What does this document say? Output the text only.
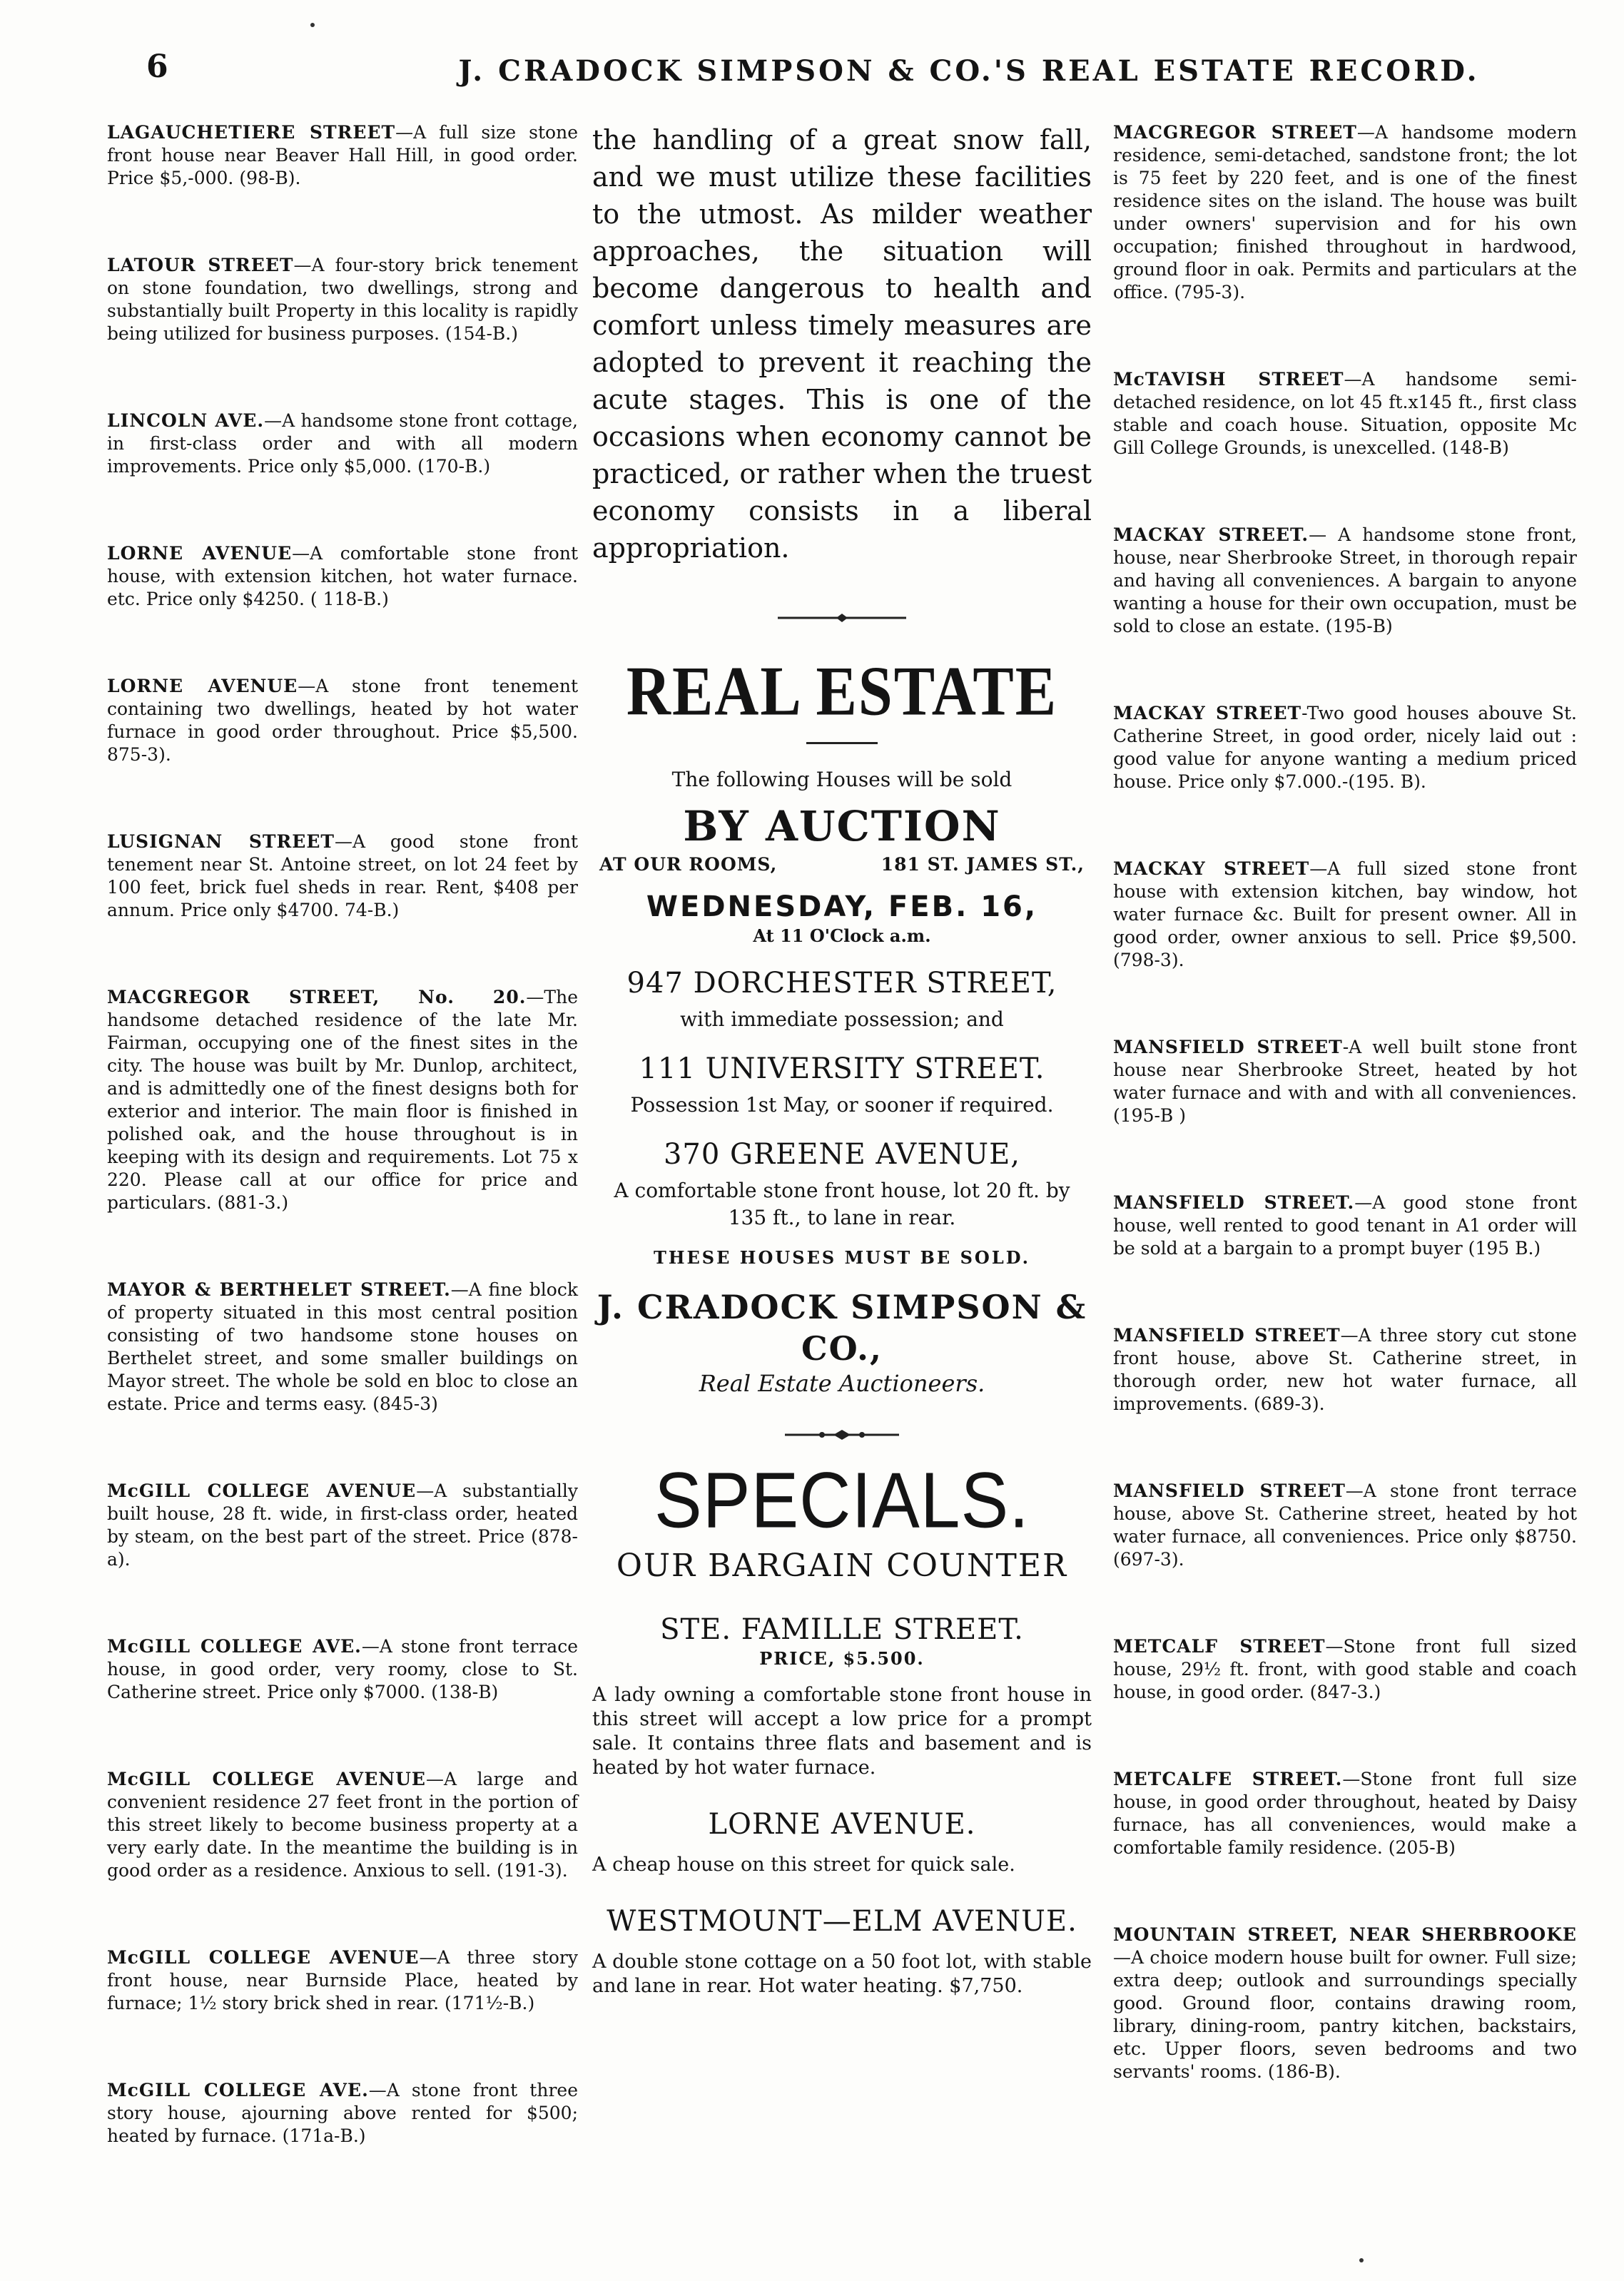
6	J. CRADOCK SIMPSON & CO.'S REAL ESTATE RECORD.

LAGAUCHETIERE STREET—A full size stone front house near Beaver Hall Hill, in good order. Price $5,-000. (98-B).

LATOUR STREET—A four-story brick tenement on stone foundation, two dwellings, strong and substantially built Property in this locality is rapidly being utilized for business purposes. (154-B.)

LINCOLN AVE.—A handsome stone front cottage, in first-class order and with all modern improvements. Price only $5,000. (170-B.)

LORNE AVENUE—A comfortable stone front house, with extension kitchen, hot water furnace. etc. Price only $4250. ( 118-B.)

LORNE AVENUE—A stone front tenement containing two dwellings, heated by hot water furnace in good order throughout. Price $5,500. 875-3).

LUSIGNAN STREET—A good stone front tenement near St. Antoine street, on lot 24 feet by 100 feet, brick fuel sheds in rear. Rent, $408 per annum. Price only $4700. 74-B.)

MACGREGOR STREET, No. 20.—The handsome detached residence of the late Mr. Fairman, occupying one of the finest sites in the city. The house was built by Mr. Dunlop, architect, and is admittedly one of the finest designs both for exterior and interior. The main floor is finished in polished oak, and the house throughout is in keeping with its design and requirements. Lot 75 x 220. Please call at our office for price and particulars. (881-3.)

MAYOR & BERTHELET STREET.—A fine block of property situated in this most central position consisting of two handsome stone houses on Berthelet street, and some smaller buildings on Mayor street. The whole be sold en bloc to close an estate. Price and terms easy. (845-3)

McGILL COLLEGE AVENUE—A substantially built house, 28 ft. wide, in first-class order, heated by steam, on the best part of the street. Price (878-a).

McGILL COLLEGE AVE.—A stone front terrace house, in good order, very roomy, close to St. Catherine street. Price only $7000. (138-B)

McGILL COLLEGE AVENUE—A large and convenient residence 27 feet front in the portion of this street likely to become business property at a very early date. In the meantime the building is in good order as a residence. Anxious to sell. (191-3).

McGILL COLLEGE AVENUE—A three story front house, near Burnside Place, heated by furnace; 1½ story brick shed in rear. (171½-B.)

McGILL COLLEGE AVE.—A stone front three story house, ajourning above rented for $500; heated by furnace. (171a-B.)

the handling of a great snow fall, and we must utilize these facilities to the utmost. As milder weather approaches, the situation will become dangerous to health and comfort unless timely measures are adopted to prevent it reaching the acute stages. This is one of the occasions when economy cannot be practiced, or rather when the truest economy consists in a liberal appropriation.

REAL ESTATE
The following Houses will be sold
BY AUCTION
AT OUR ROOMS,	181 ST. JAMES ST.,
WEDNESDAY, FEB. 16,
At 11 O'Clock a.m.
947 DORCHESTER STREET,
with immediate possession; and
111 UNIVERSITY STREET.
Possession 1st May, or sooner if required.
370 GREENE AVENUE,
A comfortable stone front house, lot 20 ft. by 135 ft., to lane in rear.
THESE HOUSES MUST BE SOLD.
J. CRADOCK SIMPSON & CO.,
Real Estate Auctioneers.
SPECIALS.
OUR BARGAIN COUNTER
STE. FAMILLE STREET.
PRICE, $5.500.
A lady owning a comfortable stone front house in this street will accept a low price for a prompt sale. It contains three flats and basement and is heated by hot water furnace.
LORNE AVENUE.
A cheap house on this street for quick sale.
WESTMOUNT—ELM AVENUE.
A double stone cottage on a 50 foot lot, with stable and lane in rear. Hot water heating. $7,750.

MACGREGOR STREET—A handsome modern residence, semi-detached, sandstone front; the lot is 75 feet by 220 feet, and is one of the finest residence sites on the island. The house was built under owners' supervision and for his own occupation; finished throughout in hardwood, ground floor in oak. Permits and particulars at the office. (795-3).

McTAVISH STREET—A handsome semi-detached residence, on lot 45 ft.x145 ft., first class stable and coach house. Situation, opposite Mc Gill College Grounds, is unexcelled. (148-B)

MACKAY STREET.— A handsome stone front, house, near Sherbrooke Street, in thorough repair and having all conveniences. A bargain to anyone wanting a house for their own occupation, must be sold to close an estate. (195-B)

MACKAY STREET-Two good houses abouve St. Catherine Street, in good order, nicely laid out : good value for anyone wanting a medium priced house. Price only $7.000.-(195. B).

MACKAY STREET—A full sized stone front house with extension kitchen, bay window, hot water furnace &c. Built for present owner. All in good order, owner anxious to sell. Price $9,500. (798-3).

MANSFIELD STREET-A well built stone front house near Sherbrooke Street, heated by hot water furnace and with and with all conveniences. (195-B )

MANSFIELD STREET.—A good stone front house, well rented to good tenant in A1 order will be sold at a bargain to a prompt buyer (195 B.)

MANSFIELD STREET—A three story cut stone front house, above St. Catherine street, in thorough order, new hot water furnace, all improvements. (689-3).

MANSFIELD STREET—A stone front terrace house, above St. Catherine street, heated by hot water furnace, all conveniences. Price only $8750. (697-3).

METCALF STREET—Stone front full sized house, 29½ ft. front, with good stable and coach house, in good order. (847-3.)

METCALFE STREET.—Stone front full size house, in good order throughout, heated by Daisy furnace, has all conveniences, would make a comfortable family residence. (205-B)

MOUNTAIN STREET, NEAR SHERBROOKE—A choice modern house built for owner. Full size; extra deep; outlook and surroundings specially good. Ground floor, contains drawing room, library, dining-room, pantry kitchen, backstairs, etc. Upper floors, seven bedrooms and two servants' rooms. (186-B).
